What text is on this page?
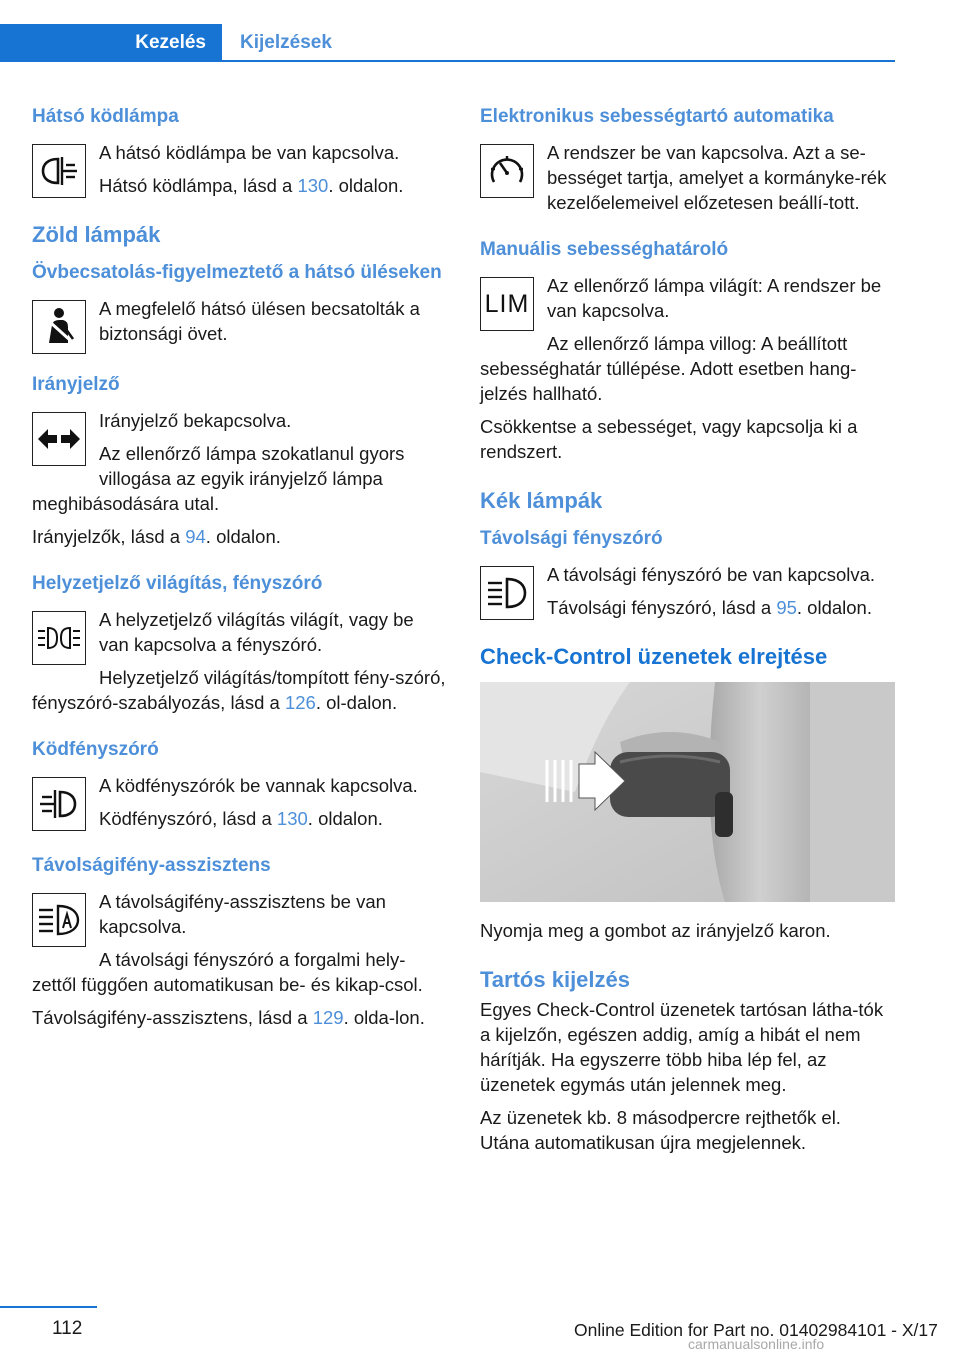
Kezelés	Kijelzések
Hátsó ködlámpa

A hátsó ködlámpa be van kapcsolva.

Hátsó ködlámpa, lásd a 130. oldalon.

Zöld lámpák
Övbecsatolás-figyelmeztető a hátsó üléseken

A megfelelő hátsó ülésen becsatolták a biztonsági övet.

Irányjelző

Irányjelző bekapcsolva.

Az ellenőrző lámpa szokatlanul gyors villogása az egyik irányjelző lámpa meghibásodására utal.

Irányjelzők, lásd a 94. oldalon.

Helyzetjelző világítás, fényszóró

A helyzetjelző világítás világít, vagy be van kapcsolva a fényszóró.

Helyzetjelző világítás/tompított fény-szóró, fényszóró-szabályozás, lásd a 126. ol-dalon.

Ködfényszóró

A ködfényszórók be vannak kapcsolva.

Ködfényszóró, lásd a 130. oldalon.

Távolságifény-asszisztens

A távolságifény-asszisztens be van kapcsolva.

A távolsági fényszóró a forgalmi hely-zettől függően automatikusan be- és kikap-csol.

Távolságifény-asszisztens, lásd a 129. olda-lon.

Elektronikus sebességtartó automatika

A rendszer be van kapcsolva. Azt a se-bességet tartja, amelyet a kormányke-rék kezelőelemeivel előzetesen beállí-tott.

Manuális sebességhatároló
LIM

Az ellenőrző lámpa világít: A rendszer be van kapcsolva.

Az ellenőrző lámpa villog: A beállított sebességhatár túllépése. Adott esetben hang-jelzés hallható.

Csökkentse a sebességet, vagy kapcsolja ki a rendszert.

Kék lámpák
Távolsági fényszóró

A távolsági fényszóró be van kapcsolva.

Távolsági fényszóró, lásd a 95. oldalon.

Check-Control üzenetek elrejtése

Nyomja meg a gombot az irányjelző karon.

Tartós kijelzés

Egyes Check-Control üzenetek tartósan látha-tók a kijelzőn, egészen addig, amíg a hibát el nem hárítják. Ha egyszerre több hiba lép fel, az üzenetek egymás után jelennek meg.

Az üzenetek kb. 8 másodpercre rejthetők el. Utána automatikusan újra megjelennek.

112	Online Edition for Part no. 01402984101 - X/17
carmanualsonline.info
